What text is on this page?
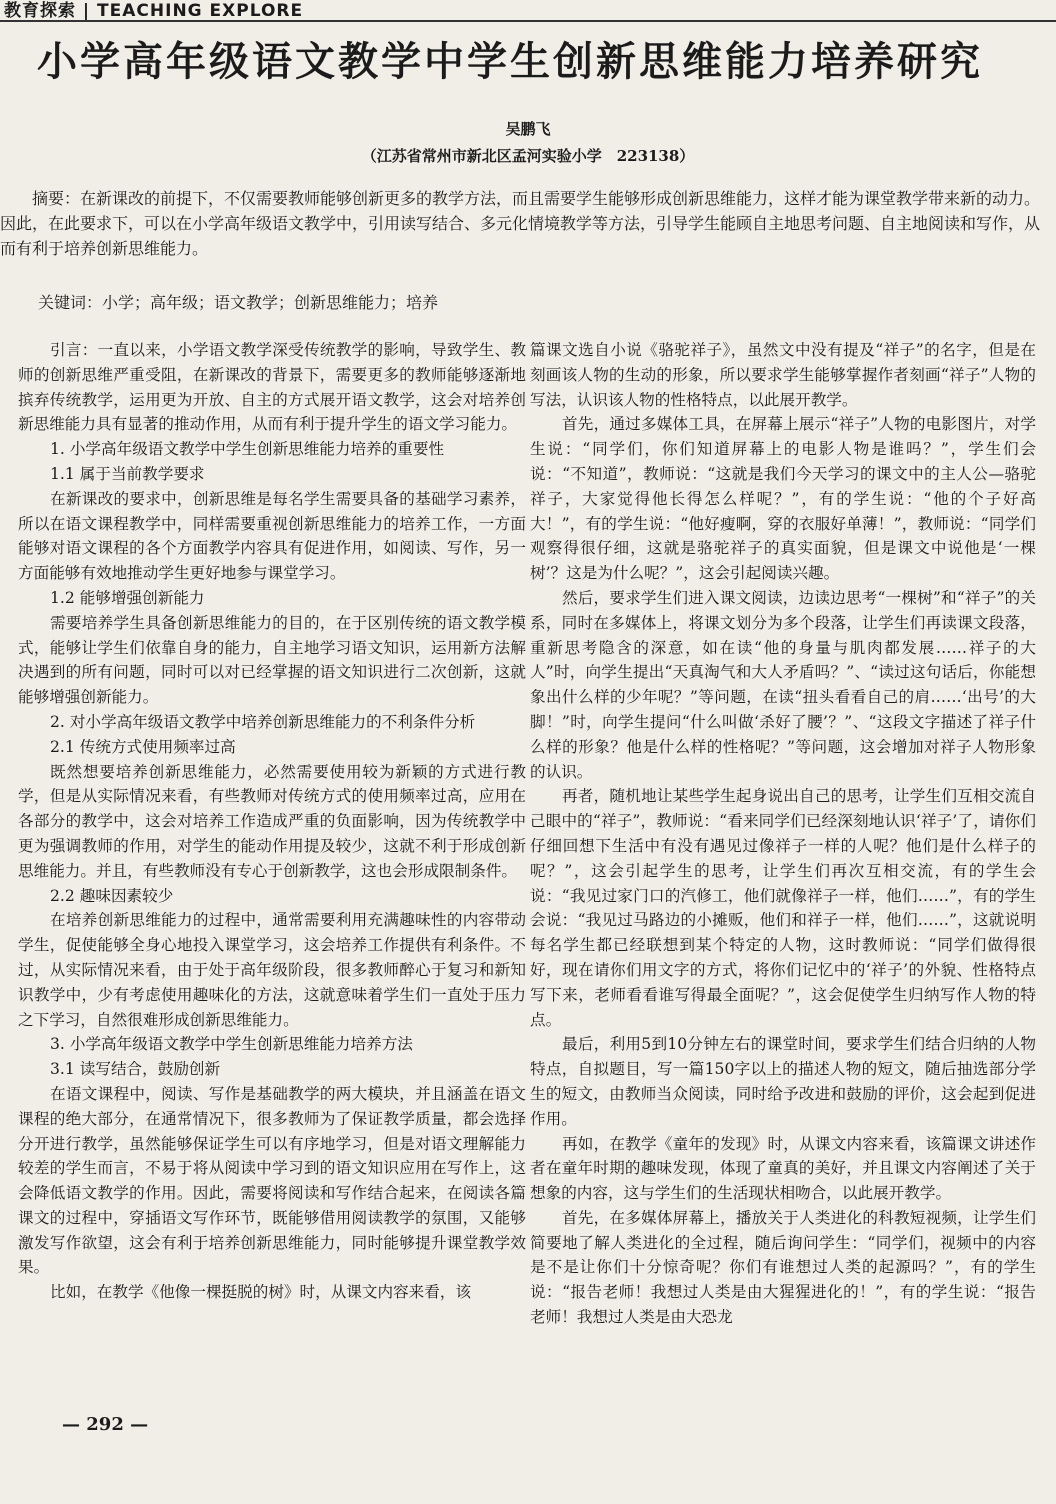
教育探索 | TEACHING EXPLORE
小学高年级语文教学中学生创新思维能力培养研究
吴鹏飞
（江苏省常州市新北区孟河实验小学　223138）
摘要：在新课改的前提下，不仅需要教师能够创新更多的教学方法，而且需要学生能够形成创新思维能力，这样才能为课堂教学带来新的动力。因此，在此要求下，可以在小学高年级语文教学中，引用读写结合、多元化情境教学等方法，引导学生能顾自主地思考问题、自主地阅读和写作，从而有利于培养创新思维能力。
关键词：小学；高年级；语文教学；创新思维能力；培养

引言：一直以来，小学语文教学深受传统教学的影响，导致学生、教师的创新思维严重受阻，在新课改的背景下，需要更多的教师能够逐渐地摈弃传统教学，运用更为开放、自主的方式展开语文教学，这会对培养创新思维能力具有显著的推动作用，从而有利于提升学生的语文学习能力。

1. 小学高年级语文教学中学生创新思维能力培养的重要性

1.1 属于当前教学要求

在新课改的要求中，创新思维是每名学生需要具备的基础学习素养，所以在语文课程教学中，同样需要重视创新思维能力的培养工作，一方面能够对语文课程的各个方面教学内容具有促进作用，如阅读、写作，另一方面能够有效地推动学生更好地参与课堂学习。

1.2 能够增强创新能力

需要培养学生具备创新思维能力的目的，在于区别传统的语文教学模式，能够让学生们依靠自身的能力，自主地学习语文知识，运用新方法解决遇到的所有问题，同时可以对已经掌握的语文知识进行二次创新，这就能够增强创新能力。

2. 对小学高年级语文教学中培养创新思维能力的不利条件分析

2.1 传统方式使用频率过高

既然想要培养创新思维能力，必然需要使用较为新颖的方式进行教学，但是从实际情况来看，有些教师对传统方式的使用频率过高，应用在各部分的教学中，这会对培养工作造成严重的负面影响，因为传统教学中更为强调教师的作用，对学生的能动作用提及较少，这就不利于形成创新思维能力。并且，有些教师没有专心于创新教学，这也会形成限制条件。

2.2 趣味因素较少

在培养创新思维能力的过程中，通常需要利用充满趣味性的内容带动学生，促使能够全身心地投入课堂学习，这会培养工作提供有利条件。不过，从实际情况来看，由于处于高年级阶段，很多教师醉心于复习和新知识教学中，少有考虑使用趣味化的方法，这就意味着学生们一直处于压力之下学习，自然很难形成创新思维能力。

3. 小学高年级语文教学中学生创新思维能力培养方法

3.1 读写结合，鼓励创新

在语文课程中，阅读、写作是基础教学的两大模块，并且涵盖在语文课程的绝大部分，在通常情况下，很多教师为了保证教学质量，都会选择分开进行教学，虽然能够保证学生可以有序地学习，但是对语文理解能力较差的学生而言，不易于将从阅读中学习到的语文知识应用在写作上，这会降低语文教学的作用。因此，需要将阅读和写作结合起来，在阅读各篇课文的过程中，穿插语文写作环节，既能够借用阅读教学的氛围，又能够激发写作欲望，这会有利于培养创新思维能力，同时能够提升课堂教学效果。

比如，在教学《他像一棵挺脱的树》时，从课文内容来看，该

篇课文选自小说《骆驼祥子》，虽然文中没有提及“祥子”的名字，但是在刻画该人物的生动的形象，所以要求学生能够掌握作者刻画“祥子”人物的写法，认识该人物的性格特点，以此展开教学。

首先，通过多媒体工具，在屏幕上展示“祥子”人物的电影图片，对学生说：“同学们，你们知道屏幕上的电影人物是谁吗？”，学生们会说：“不知道”，教师说：“这就是我们今天学习的课文中的主人公—骆驼祥子，大家觉得他长得怎么样呢？”，有的学生说：“他的个子好高大！”，有的学生说：“他好瘦啊，穿的衣服好单薄！”，教师说：“同学们观察得很仔细，这就是骆驼祥子的真实面貌，但是课文中说他是‘一棵树’？这是为什么呢？”，这会引起阅读兴趣。

然后，要求学生们进入课文阅读，边读边思考“一棵树”和“祥子”的关系，同时在多媒体上，将课文划分为多个段落，让学生们再读课文段落，重新思考隐含的深意，如在读“他的身量与肌肉都发展……祥子的大人”时，向学生提出“天真淘气和大人矛盾吗？”、“读过这句话后，你能想象出什么样的少年呢？”等问题，在读“扭头看看自己的肩……‘出号’的大脚！”时，向学生提问“什么叫做‘杀好了腰’？”、“这段文字描述了祥子什么样的形象？他是什么样的性格呢？”等问题，这会增加对祥子人物形象的认识。

再者，随机地让某些学生起身说出自己的思考，让学生们互相交流自己眼中的“祥子”，教师说：“看来同学们已经深刻地认识‘祥子’了，请你们仔细回想下生活中有没有遇见过像祥子一样的人呢？他们是什么样子的呢？”，这会引起学生的思考，让学生们再次互相交流，有的学生会说：“我见过家门口的汽修工，他们就像祥子一样，他们……”，有的学生会说：“我见过马路边的小摊贩，他们和祥子一样，他们……”，这就说明每名学生都已经联想到某个特定的人物，这时教师说：“同学们做得很好，现在请你们用文字的方式，将你们记忆中的‘祥子’的外貌、性格特点写下来，老师看看谁写得最全面呢？”，这会促使学生归纳写作人物的特点。

最后，利用5到10分钟左右的课堂时间，要求学生们结合归纳的人物特点，自拟题目，写一篇150字以上的描述人物的短文，随后抽选部分学生的短文，由教师当众阅读，同时给予改进和鼓励的评价，这会起到促进作用。

再如，在教学《童年的发现》时，从课文内容来看，该篇课文讲述作者在童年时期的趣味发现，体现了童真的美好，并且课文内容阐述了关于想象的内容，这与学生们的生活现状相吻合，以此展开教学。

首先，在多媒体屏幕上，播放关于人类进化的科教短视频，让学生们简要地了解人类进化的全过程，随后询问学生：“同学们，视频中的内容是不是让你们十分惊奇呢？你们有谁想过人类的起源吗？”，有的学生说：“报告老师！我想过人类是由大猩猩进化的！”，有的学生说：“报告老师！我想过人类是由大恐龙

— 292 —
